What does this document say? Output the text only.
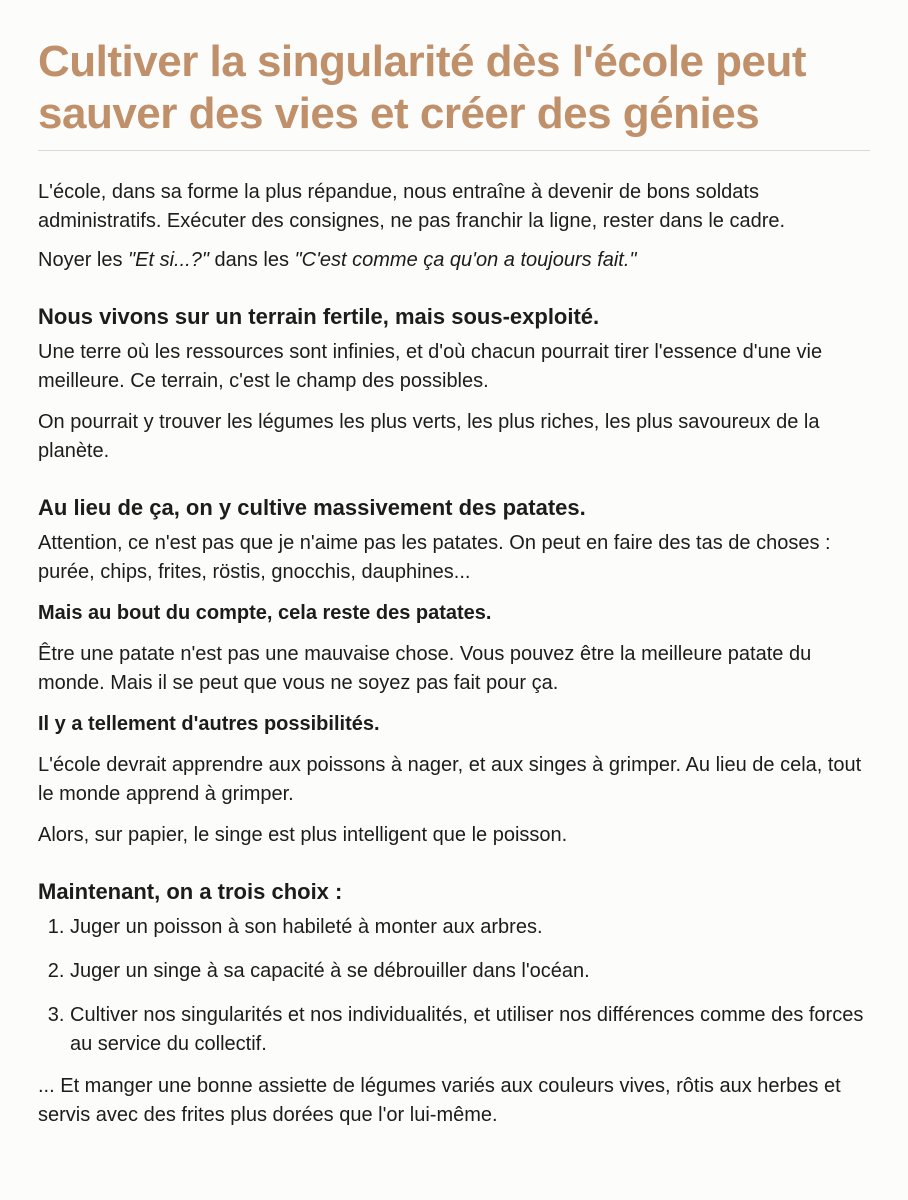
Cultiver la singularité dès l'école peut sauver des vies et créer des génies

L'école, dans sa forme la plus répandue, nous entraîne à devenir de bons soldats administratifs. Exécuter des consignes, ne pas franchir la ligne, rester dans le cadre.

Noyer les "Et si...?" dans les "C'est comme ça qu'on a toujours fait."

Nous vivons sur un terrain fertile, mais sous-exploité.

Une terre où les ressources sont infinies, et d'où chacun pourrait tirer l'essence d'une vie meilleure. Ce terrain, c'est le champ des possibles.

On pourrait y trouver les légumes les plus verts, les plus riches, les plus savoureux de la planète.

Au lieu de ça, on y cultive massivement des patates.

Attention, ce n'est pas que je n'aime pas les patates. On peut en faire des tas de choses : purée, chips, frites, röstis, gnocchis, dauphines...

Mais au bout du compte, cela reste des patates.

Être une patate n'est pas une mauvaise chose. Vous pouvez être la meilleure patate du monde. Mais il se peut que vous ne soyez pas fait pour ça.

Il y a tellement d'autres possibilités.

L'école devrait apprendre aux poissons à nager, et aux singes à grimper. Au lieu de cela, tout le monde apprend à grimper.

Alors, sur papier, le singe est plus intelligent que le poisson.

Maintenant, on a trois choix :
1. Juger un poisson à son habileté à monter aux arbres.
2. Juger un singe à sa capacité à se débrouiller dans l'océan.
3. Cultiver nos singularités et nos individualités, et utiliser nos différences comme des forces au service du collectif.

... Et manger une bonne assiette de légumes variés aux couleurs vives, rôtis aux herbes et servis avec des frites plus dorées que l'or lui-même.
